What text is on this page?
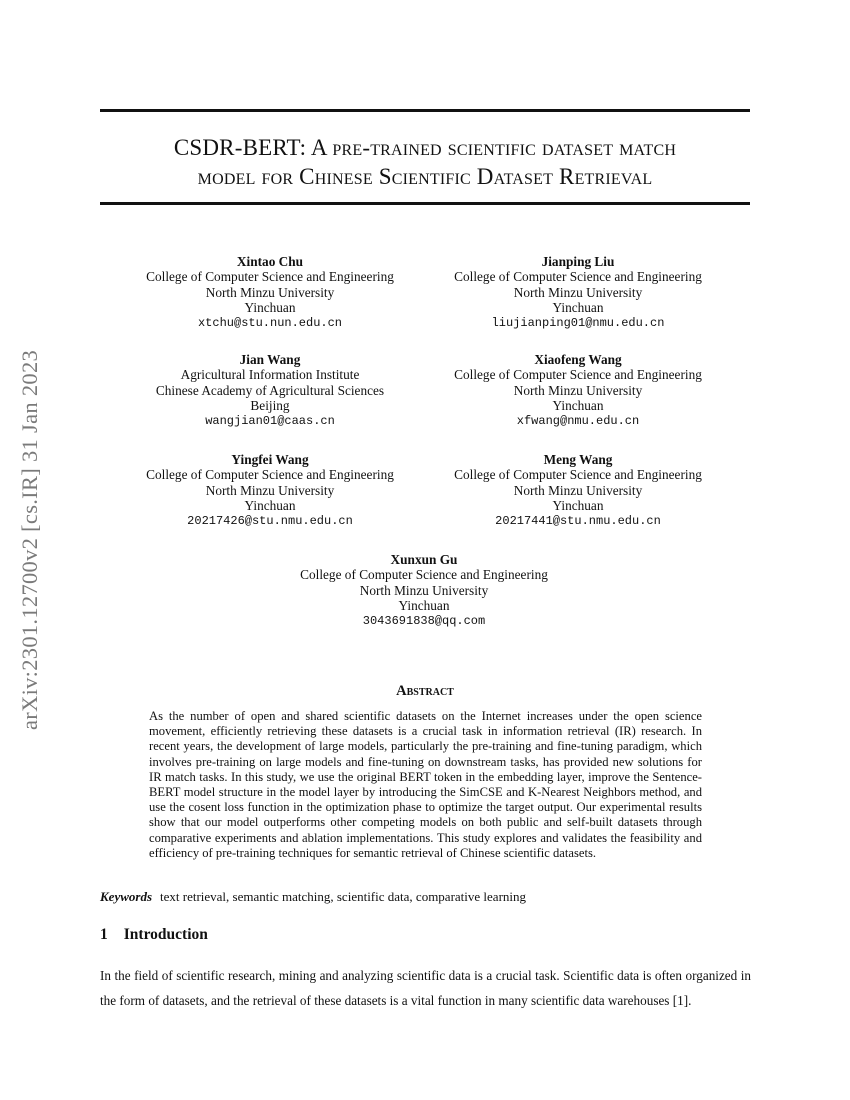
arXiv:2301.12700v2 [cs.IR] 31 Jan 2023
CSDR-BERT: A pre-trained scientific dataset match
model for Chinese Scientific Dataset Retrieval
Xintao Chu
College of Computer Science and Engineering
North Minzu University
Yinchuan
xtchu@stu.nun.edu.cn
Jianping Liu
College of Computer Science and Engineering
North Minzu University
Yinchuan
liujianping01@nmu.edu.cn
Jian Wang
Agricultural Information Institute
Chinese Academy of Agricultural Sciences
Beijing
wangjian01@caas.cn
Xiaofeng Wang
College of Computer Science and Engineering
North Minzu University
Yinchuan
xfwang@nmu.edu.cn
Yingfei Wang
College of Computer Science and Engineering
North Minzu University
Yinchuan
20217426@stu.nmu.edu.cn
Meng Wang
College of Computer Science and Engineering
North Minzu University
Yinchuan
20217441@stu.nmu.edu.cn
Xunxun Gu
College of Computer Science and Engineering
North Minzu University
Yinchuan
3043691838@qq.com
Abstract
As the number of open and shared scientific datasets on the Internet increases under the open science movement, efficiently retrieving these datasets is a crucial task in information retrieval (IR) research. In recent years, the development of large models, particularly the pre-training and fine-tuning paradigm, which involves pre-training on large models and fine-tuning on downstream tasks, has provided new solutions for IR match tasks. In this study, we use the original BERT token in the embedding layer, improve the Sentence-BERT model structure in the model layer by introducing the SimCSE and K-Nearest Neighbors method, and use the cosent loss function in the optimization phase to optimize the target output. Our experimental results show that our model outperforms other competing models on both public and self-built datasets through comparative experiments and ablation implementations. This study explores and validates the feasibility and efficiency of pre-training techniques for semantic retrieval of Chinese scientific datasets.
Keywords text retrieval, semantic matching, scientific data, comparative learning
1 Introduction
In the field of scientific research, mining and analyzing scientific data is a crucial task. Scientific data is often organized in the form of datasets, and the retrieval of these datasets is a vital function in many scientific data warehouses [1].
